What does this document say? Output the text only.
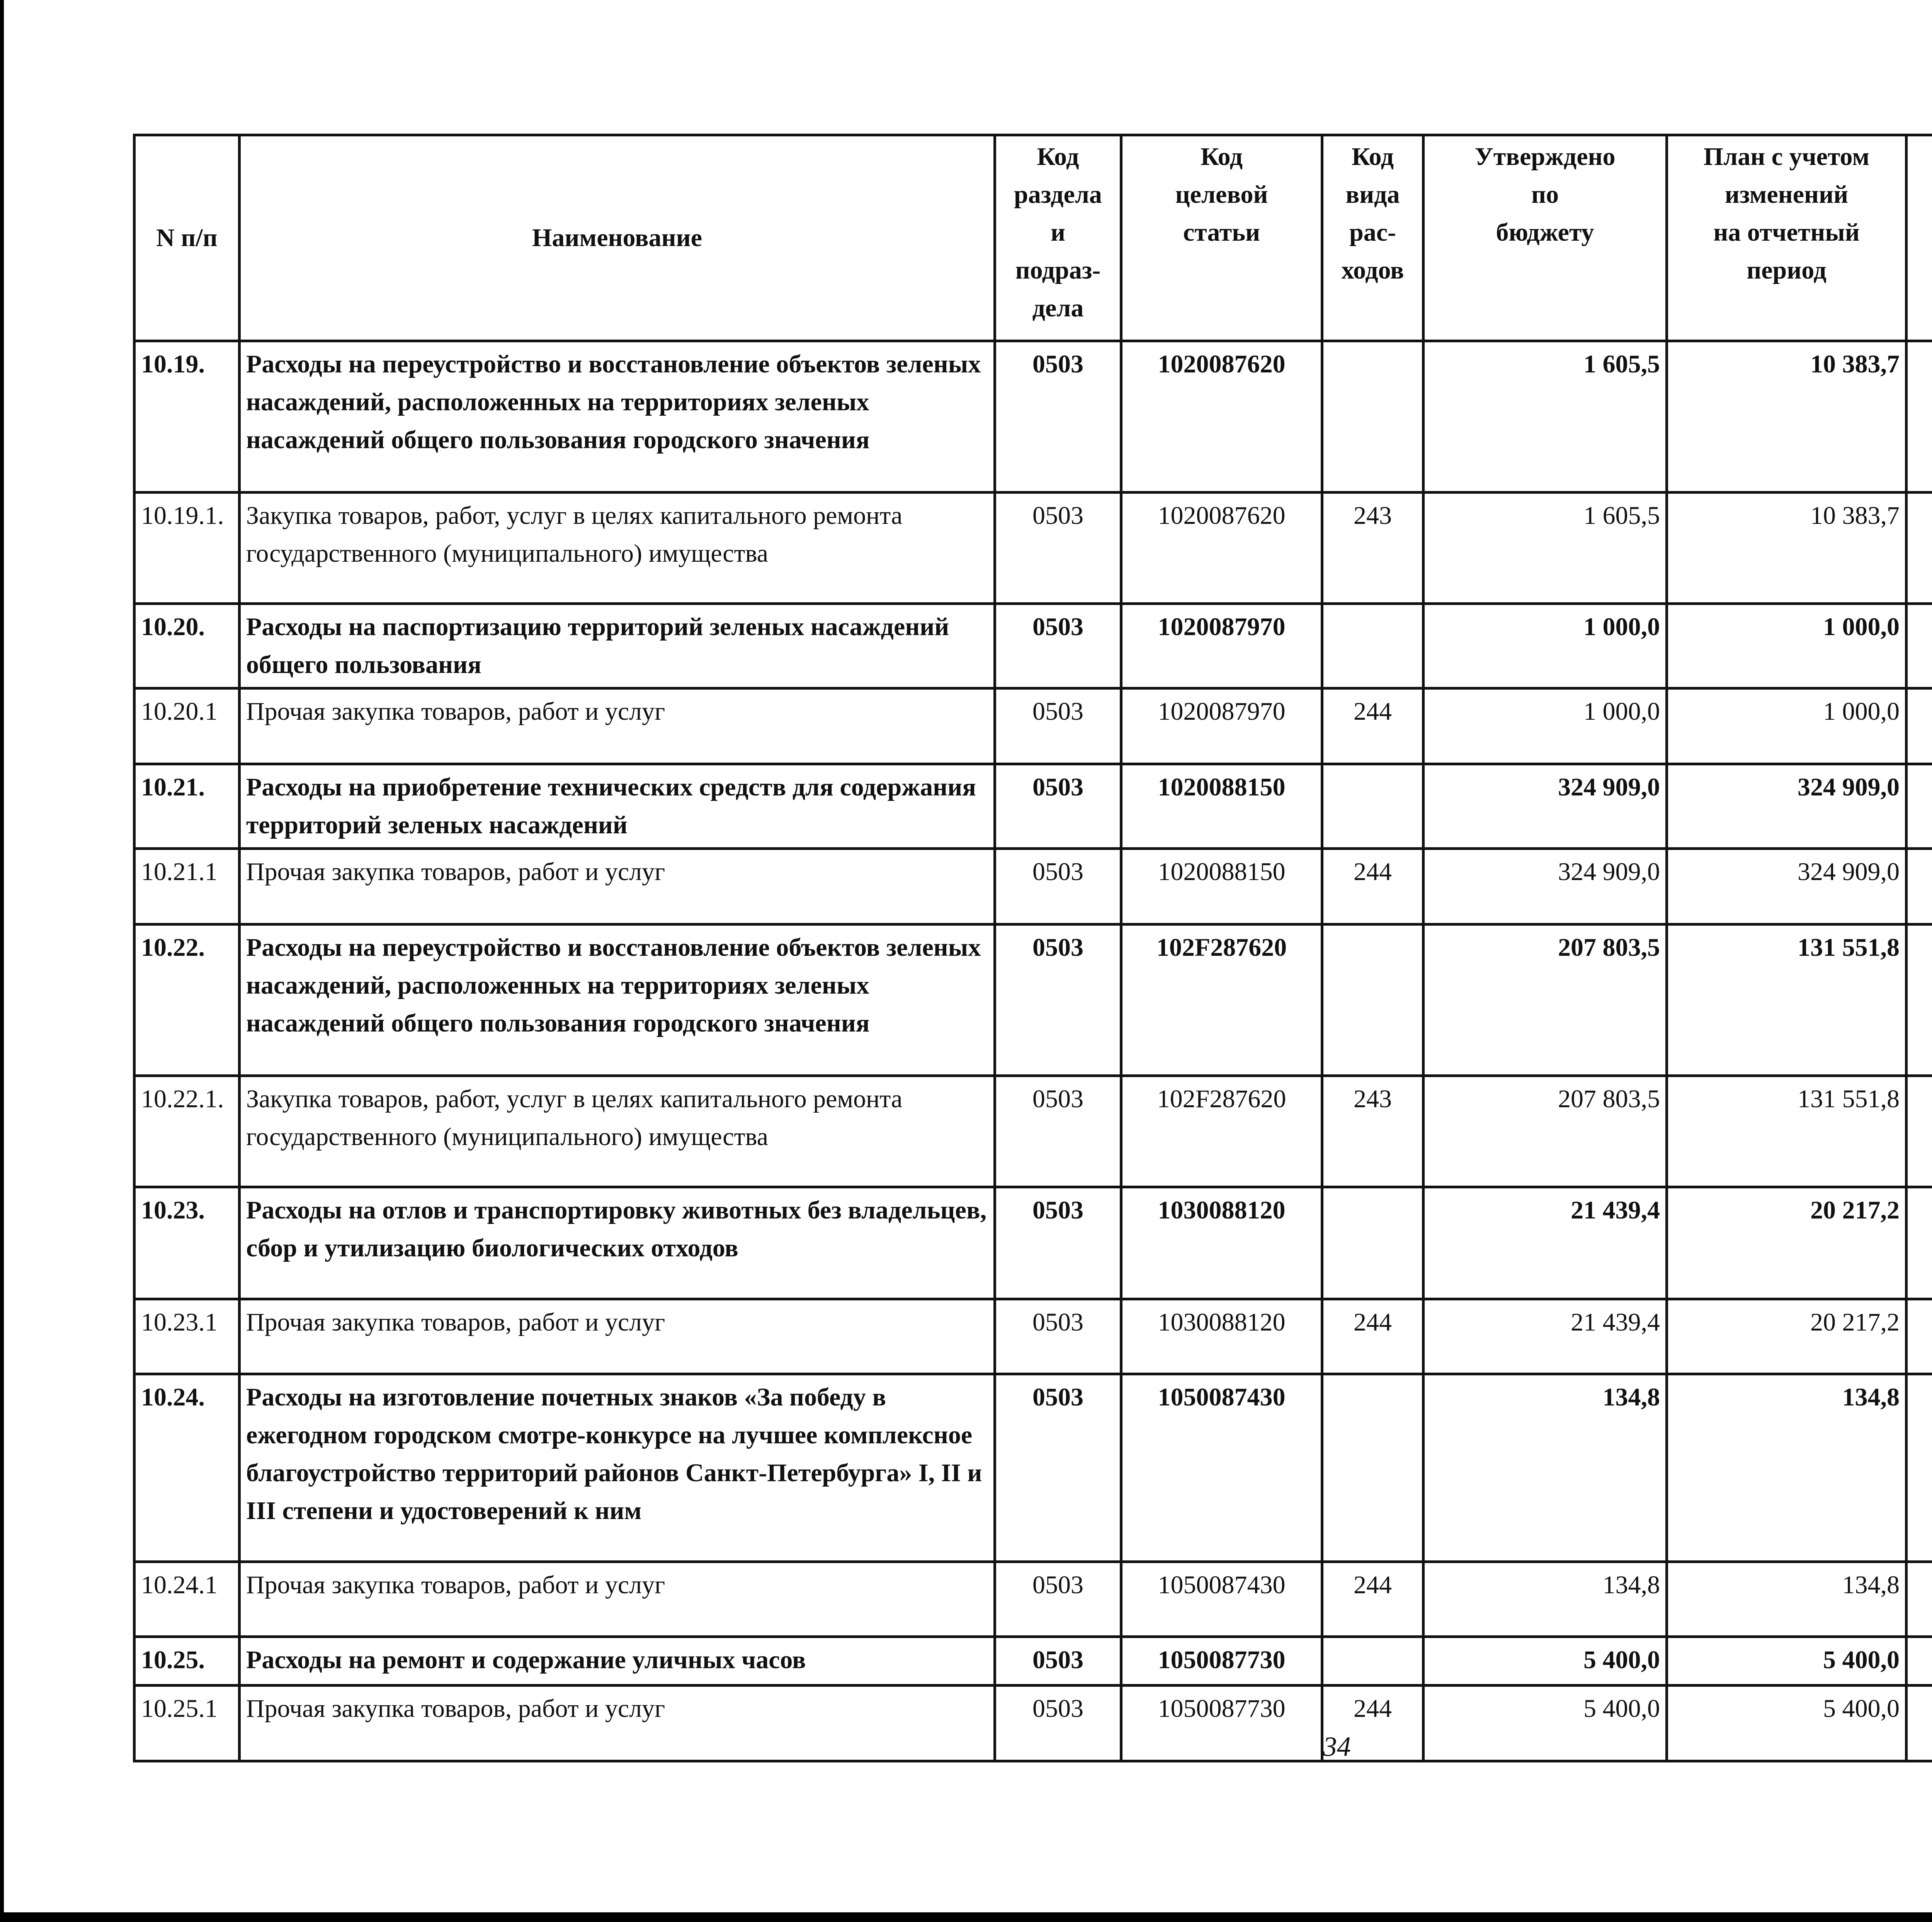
N п/п	Наименование	Код
раздела
и
подраз-
дела	Код
целевой
статьи	Код
вида
рас-
ходов	Утверждено
по
бюджету	План с учетом
изменений
на отчетный
период

10.19.	Расходы на переустройство и восстановление объектов зеленых насаждений, расположенных на территориях зеленых насаждений общего пользования городского значения	0503	1020087620		1 605,5	10 383,7			
10.19.1.	Закупка товаров, работ, услуг в целях капитального ремонта государственного (муниципального) имущества	0503	1020087620	243	1 605,5	10 383,7			
10.20.	Расходы на паспортизацию территорий зеленых насаждений общего пользования	0503	1020087970		1 000,0	1 000,0			
10.20.1	Прочая закупка товаров, работ и услуг	0503	1020087970	244	1 000,0	1 000,0			
10.21.	Расходы на приобретение технических средств для содержания территорий зеленых насаждений	0503	1020088150		324 909,0	324 909,0			
10.21.1	Прочая закупка товаров, работ и услуг	0503	1020088150	244	324 909,0	324 909,0			
10.22.	Расходы на переустройство и восстановление объектов зеленых насаждений, расположенных на территориях зеленых насаждений общего пользования городского значения	0503	102F287620		207 803,5	131 551,8			
10.22.1.	Закупка товаров, работ, услуг в целях капитального ремонта государственного (муниципального) имущества	0503	102F287620	243	207 803,5	131 551,8			
10.23.	Расходы на отлов и транспортировку животных без владельцев, сбор и утилизацию биологических отходов	0503	1030088120		21 439,4	20 217,2			
10.23.1	Прочая закупка товаров, работ и услуг	0503	1030088120	244	21 439,4	20 217,2			
10.24.	Расходы на изготовление почетных знаков «За победу в ежегодном городском смотре-конкурсе на лучшее комплексное благоустройство территорий районов Санкт-Петербурга» I, II и III степени и удостоверений к ним	0503	1050087430		134,8	134,8			
10.24.1	Прочая закупка товаров, работ и услуг	0503	1050087430	244	134,8	134,8			
10.25.	Расходы на ремонт и содержание уличных часов	0503	1050087730		5 400,0	5 400,0			
10.25.1	Прочая закупка товаров, работ и услуг	0503	1050087730	244	5 400,0	5 400,0			
34
